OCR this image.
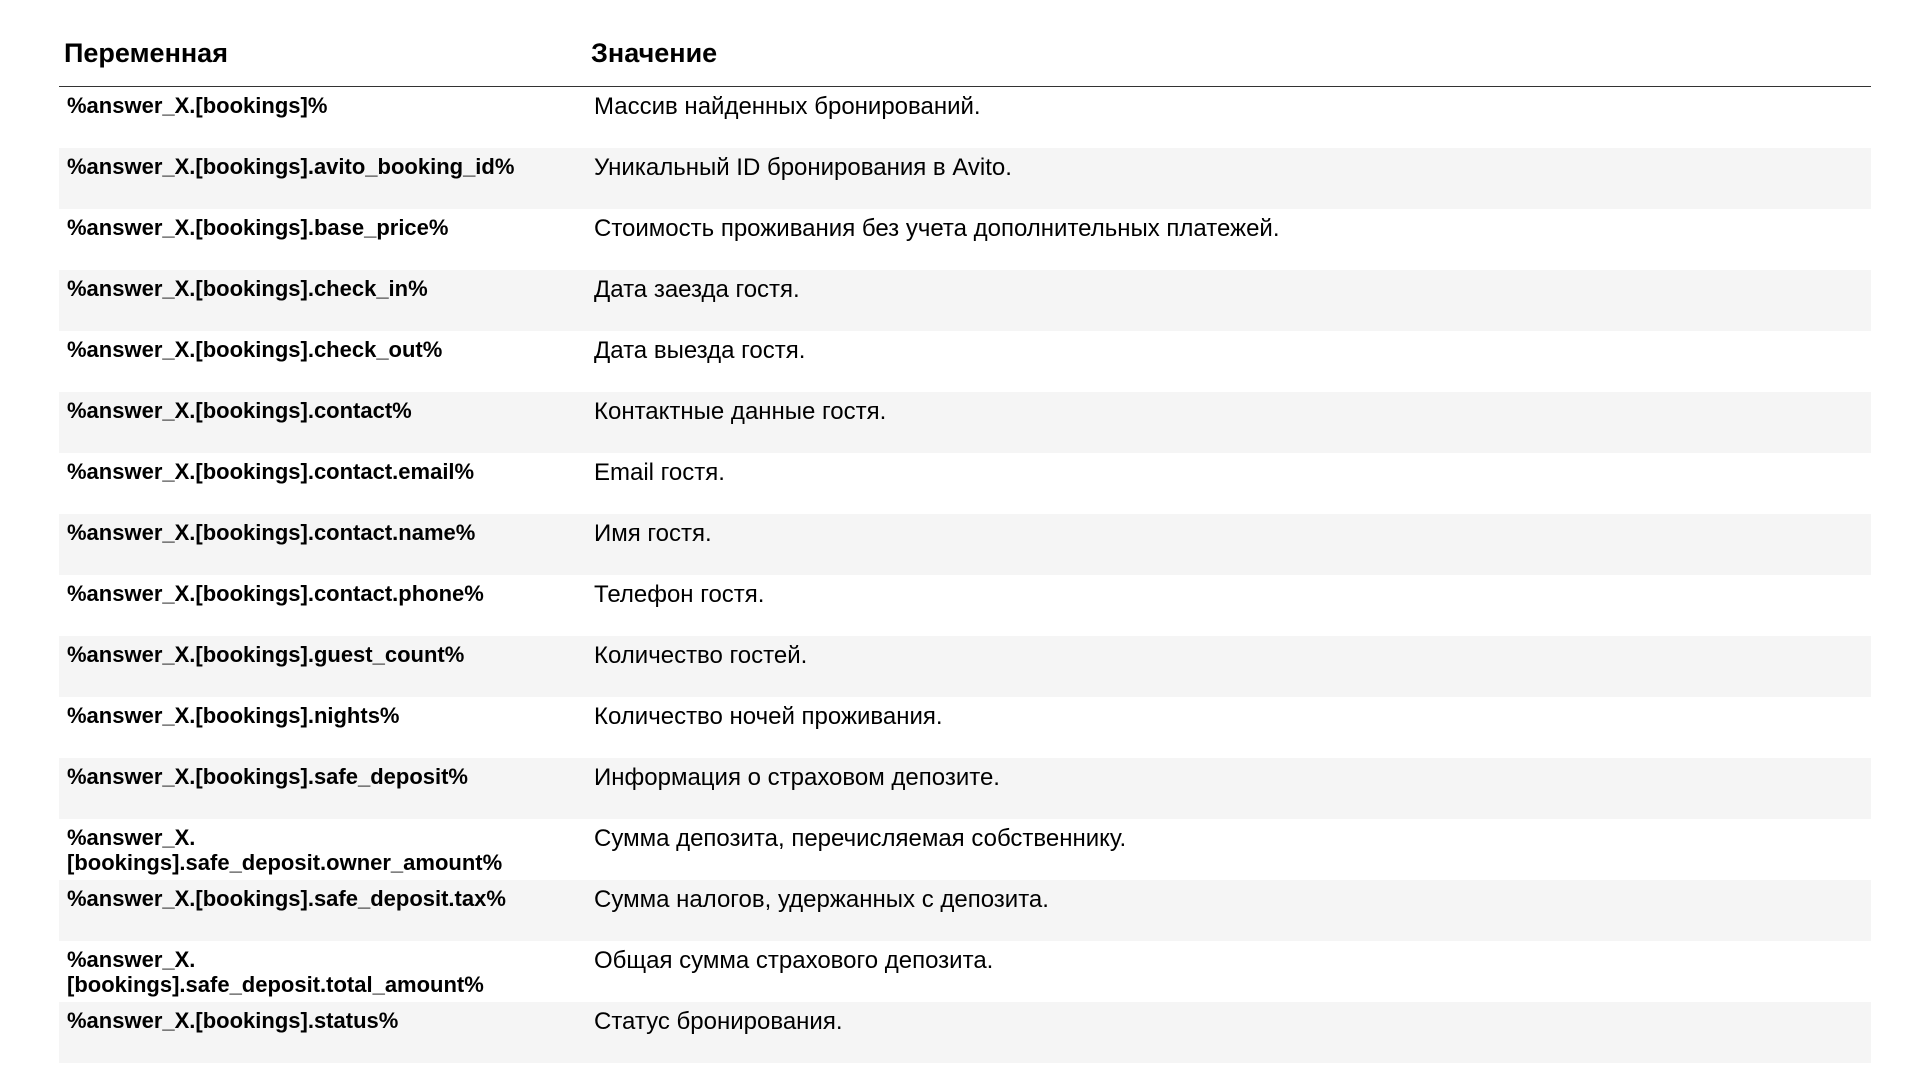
Переменная	Значение
%answer_X.[bookings]%	Массив найденных бронирований.
%answer_X.[bookings].avito_booking_id%	Уникальный ID бронирования в Avito.
%answer_X.[bookings].base_price%	Стоимость проживания без учета дополнительных платежей.
%answer_X.[bookings].check_in%	Дата заезда гостя.
%answer_X.[bookings].check_out%	Дата выезда гостя.
%answer_X.[bookings].contact%	Контактные данные гостя.
%answer_X.[bookings].contact.email%	Email гостя.
%answer_X.[bookings].contact.name%	Имя гостя.
%answer_X.[bookings].contact.phone%	Телефон гостя.
%answer_X.[bookings].guest_count%	Количество гостей.
%answer_X.[bookings].nights%	Количество ночей проживания.
%answer_X.[bookings].safe_deposit%	Информация о страховом депозите.
%answer_X.
[bookings].safe_deposit.owner_amount%	Сумма депозита, перечисляемая собственнику.
%answer_X.[bookings].safe_deposit.tax%	Сумма налогов, удержанных с депозита.
%answer_X.
[bookings].safe_deposit.total_amount%	Общая сумма страхового депозита.
%answer_X.[bookings].status%	Статус бронирования.
